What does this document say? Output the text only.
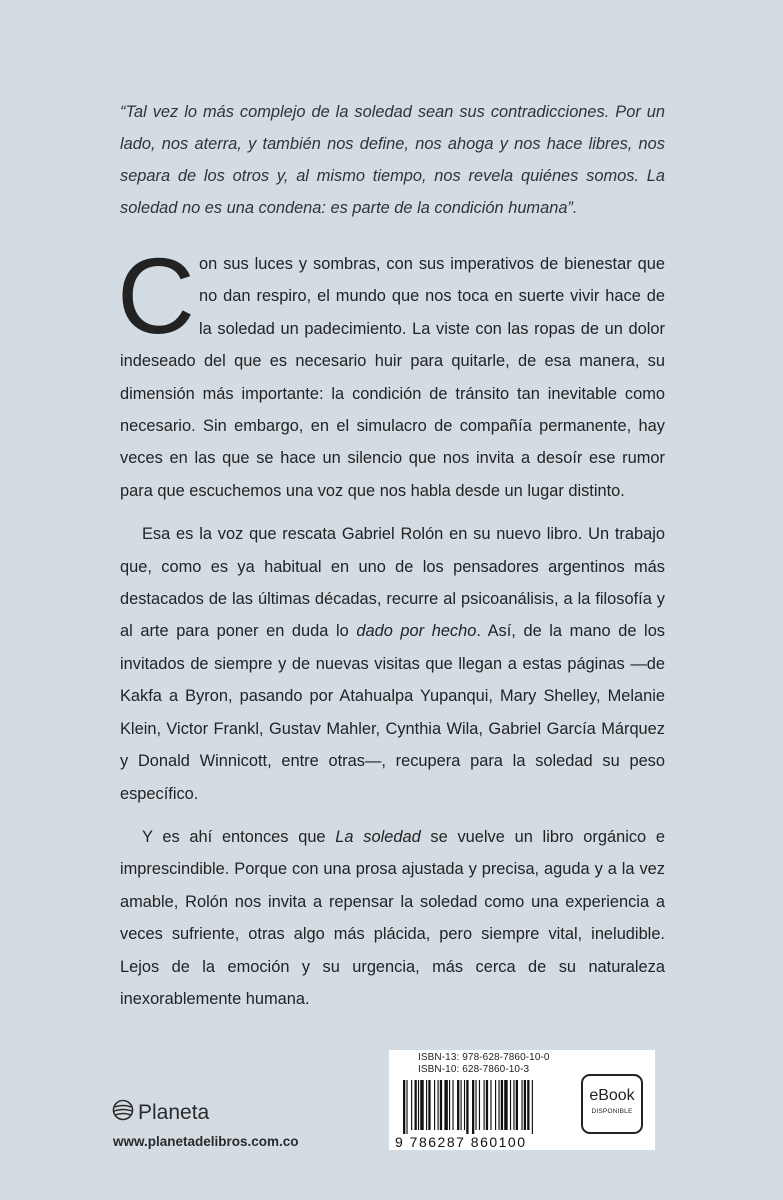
“Tal vez lo más complejo de la soledad sean sus contradicciones. Por un lado, nos aterra, y también nos define, nos ahoga y nos hace libres, nos separa de los otros y, al mismo tiempo, nos revela quiénes somos. La soledad no es una condena: es parte de la condición humana”.

Con sus luces y sombras, con sus imperativos de bienestar que no dan respiro, el mundo que nos toca en suerte vivir hace de la soledad un padecimiento. La viste con las ropas de un dolor indeseado del que es necesario huir para quitarle, de esa manera, su dimensión más importante: la condición de tránsito tan inevitable como necesario. Sin embargo, en el simulacro de compañía permanente, hay veces en las que se hace un silencio que nos invita a desoír ese rumor para que escuchemos una voz que nos habla desde un lugar distinto.

Esa es la voz que rescata Gabriel Rolón en su nuevo libro. Un trabajo que, como es ya habitual en uno de los pensadores argentinos más destacados de las últimas décadas, recurre al psicoanálisis, a la filosofía y al arte para poner en duda lo dado por hecho. Así, de la mano de los invitados de siempre y de nuevas visitas que llegan a estas páginas —de Kakfa a Byron, pasando por Atahualpa Yupanqui, Mary Shelley, Melanie Klein, Victor Frankl, Gustav Mahler, Cynthia Wila, Gabriel García Márquez y Donald Winnicott, entre otras—, recupera para la soledad su peso específico.

Y es ahí entonces que La soledad se vuelve un libro orgánico e imprescindible. Porque con una prosa ajustada y precisa, aguda y a la vez amable, Rolón nos invita a repensar la soledad como una experiencia a veces sufriente, otras algo más plácida, pero siempre vital, ineludible. Lejos de la emoción y su urgencia, más cerca de su naturaleza inexorablemente humana.

Planeta
www.planetadelibros.com.co
ISBN-13: 978-628-7860-10-0
ISBN-10: 628-7860-10-3
9 786287 860100
eBook
DISPONIBLE
